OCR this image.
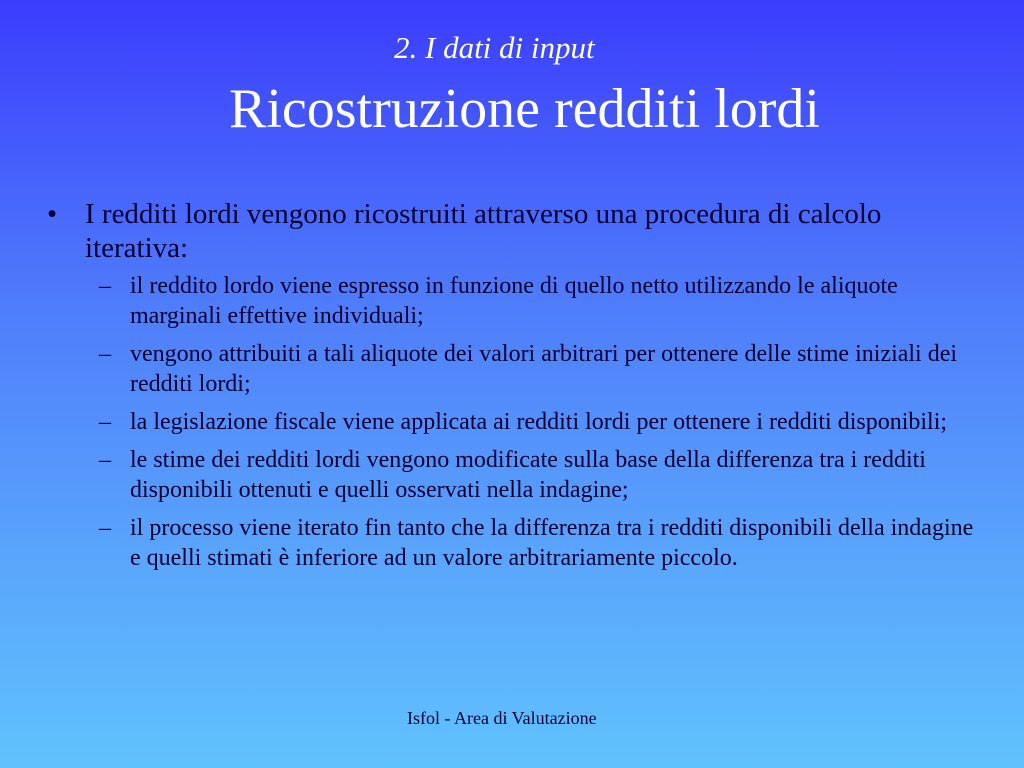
2. I dati di input
Ricostruzione redditi lordi
• I redditi lordi vengono ricostruiti attraverso una procedura di calcolo iterativa:
– il reddito lordo viene espresso in funzione di quello netto utilizzando le aliquote marginali effettive individuali;
– vengono attribuiti a tali aliquote dei valori arbitrari per ottenere delle stime iniziali dei redditi lordi;
– la legislazione fiscale viene applicata ai redditi lordi per ottenere i redditi disponibili;
– le stime dei redditi lordi vengono modificate sulla base della differenza tra i redditi disponibili ottenuti e quelli osservati nella indagine;
– il processo viene iterato fin tanto che la differenza tra i redditi disponibili della indagine e quelli stimati è inferiore ad un valore arbitrariamente piccolo.
Isfol - Area di Valutazione
